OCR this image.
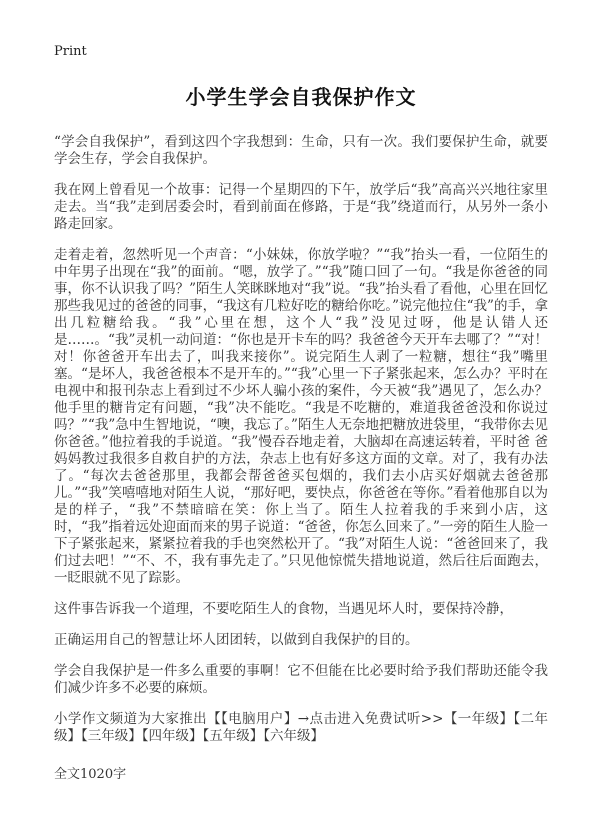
Print
小学生学会自我保护作文

“学会自我保护”，看到这四个字我想到：生命，只有一次。我们要保护生命，就要学会生存，学会自我保护。

我在网上曾看见一个故事：记得一个星期四的下午，放学后“我”高高兴兴地往家里走去。当“我”走到居委会时，看到前面在修路，于是“我”绕道而行，从另外一条小路走回家。

走着走着，忽然听见一个声音：“小妹妹，你放学啦？”“我”抬头一看，一位陌生的中年男子出现在“我”的面前。“嗯，放学了。”“我”随口回了一句。“我是你爸爸的同事，你不认识我了吗？”陌生人笑眯眯地对“我”说。“我”抬头看了看他，心里在回忆那些我见过的爸爸的同事，“我这有几粒好吃的糖给你吃。”说完他拉住“我”的手，拿出几粒糖给我。“我”心里在想，这个人“我”没见过呀，他是认错人还是……。“我”灵机一动问道：“你也是开卡车的吗？我爸爸今天开车去哪了？”“对！对！你爸爸开车出去了，叫我来接你”。说完陌生人剥了一粒糖，想往“我”嘴里塞。“是坏人，我爸爸根本不是开车的。”“我”心里一下子紧张起来，怎么办？平时在电视中和报刊杂志上看到过不少坏人骗小孩的案件，今天被“我”遇见了，怎么办？他手里的糖肯定有问题，“我”决不能吃。“我是不吃糖的，难道我爸爸没和你说过吗？”“我”急中生智地说，“噢，我忘了。”陌生人无奈地把糖放进袋里，“我带你去见你爸爸。”他拉着我的手说道。“我”慢吞吞地走着，大脑却在高速运转着，平时爸 爸妈妈教过我很多自救自护的方法，杂志上也有好多这方面的文章。对了，我有办法了。“每次去爸爸那里，我都会帮爸爸买包烟的，我们去小店买好烟就去爸爸那儿。”“我”笑嘻嘻地对陌生人说，“那好吧，要快点，你爸爸在等你。”看着他那自以为是的样子，“我”不禁暗暗在笑：你上当了。陌生人拉着我的手来到小店，这时，“我”指着远处迎面而来的男子说道：“爸爸，你怎么回来了。”一旁的陌生人脸一下子紧张起来，紧紧拉着我的手也突然松开了。“我”对陌生人说：“爸爸回来了，我们过去吧！”“不、不，我有事先走了。”只见他惊慌失措地说道，然后往后面跑去，一眨眼就不见了踪影。

这件事告诉我一个道理，不要吃陌生人的食物，当遇见坏人时，要保持冷静，

正确运用自己的智慧让坏人团团转，以做到自我保护的目的。

学会自我保护是一件多么重要的事啊！它不但能在比必要时给予我们帮助还能令我们减少许多不必要的麻烦。

小学作文频道为大家推出【【电脑用户】→点击进入免费试听>>【一年级】【二年级】【三年级】【四年级】【五年级】【六年级】

全文1020字
